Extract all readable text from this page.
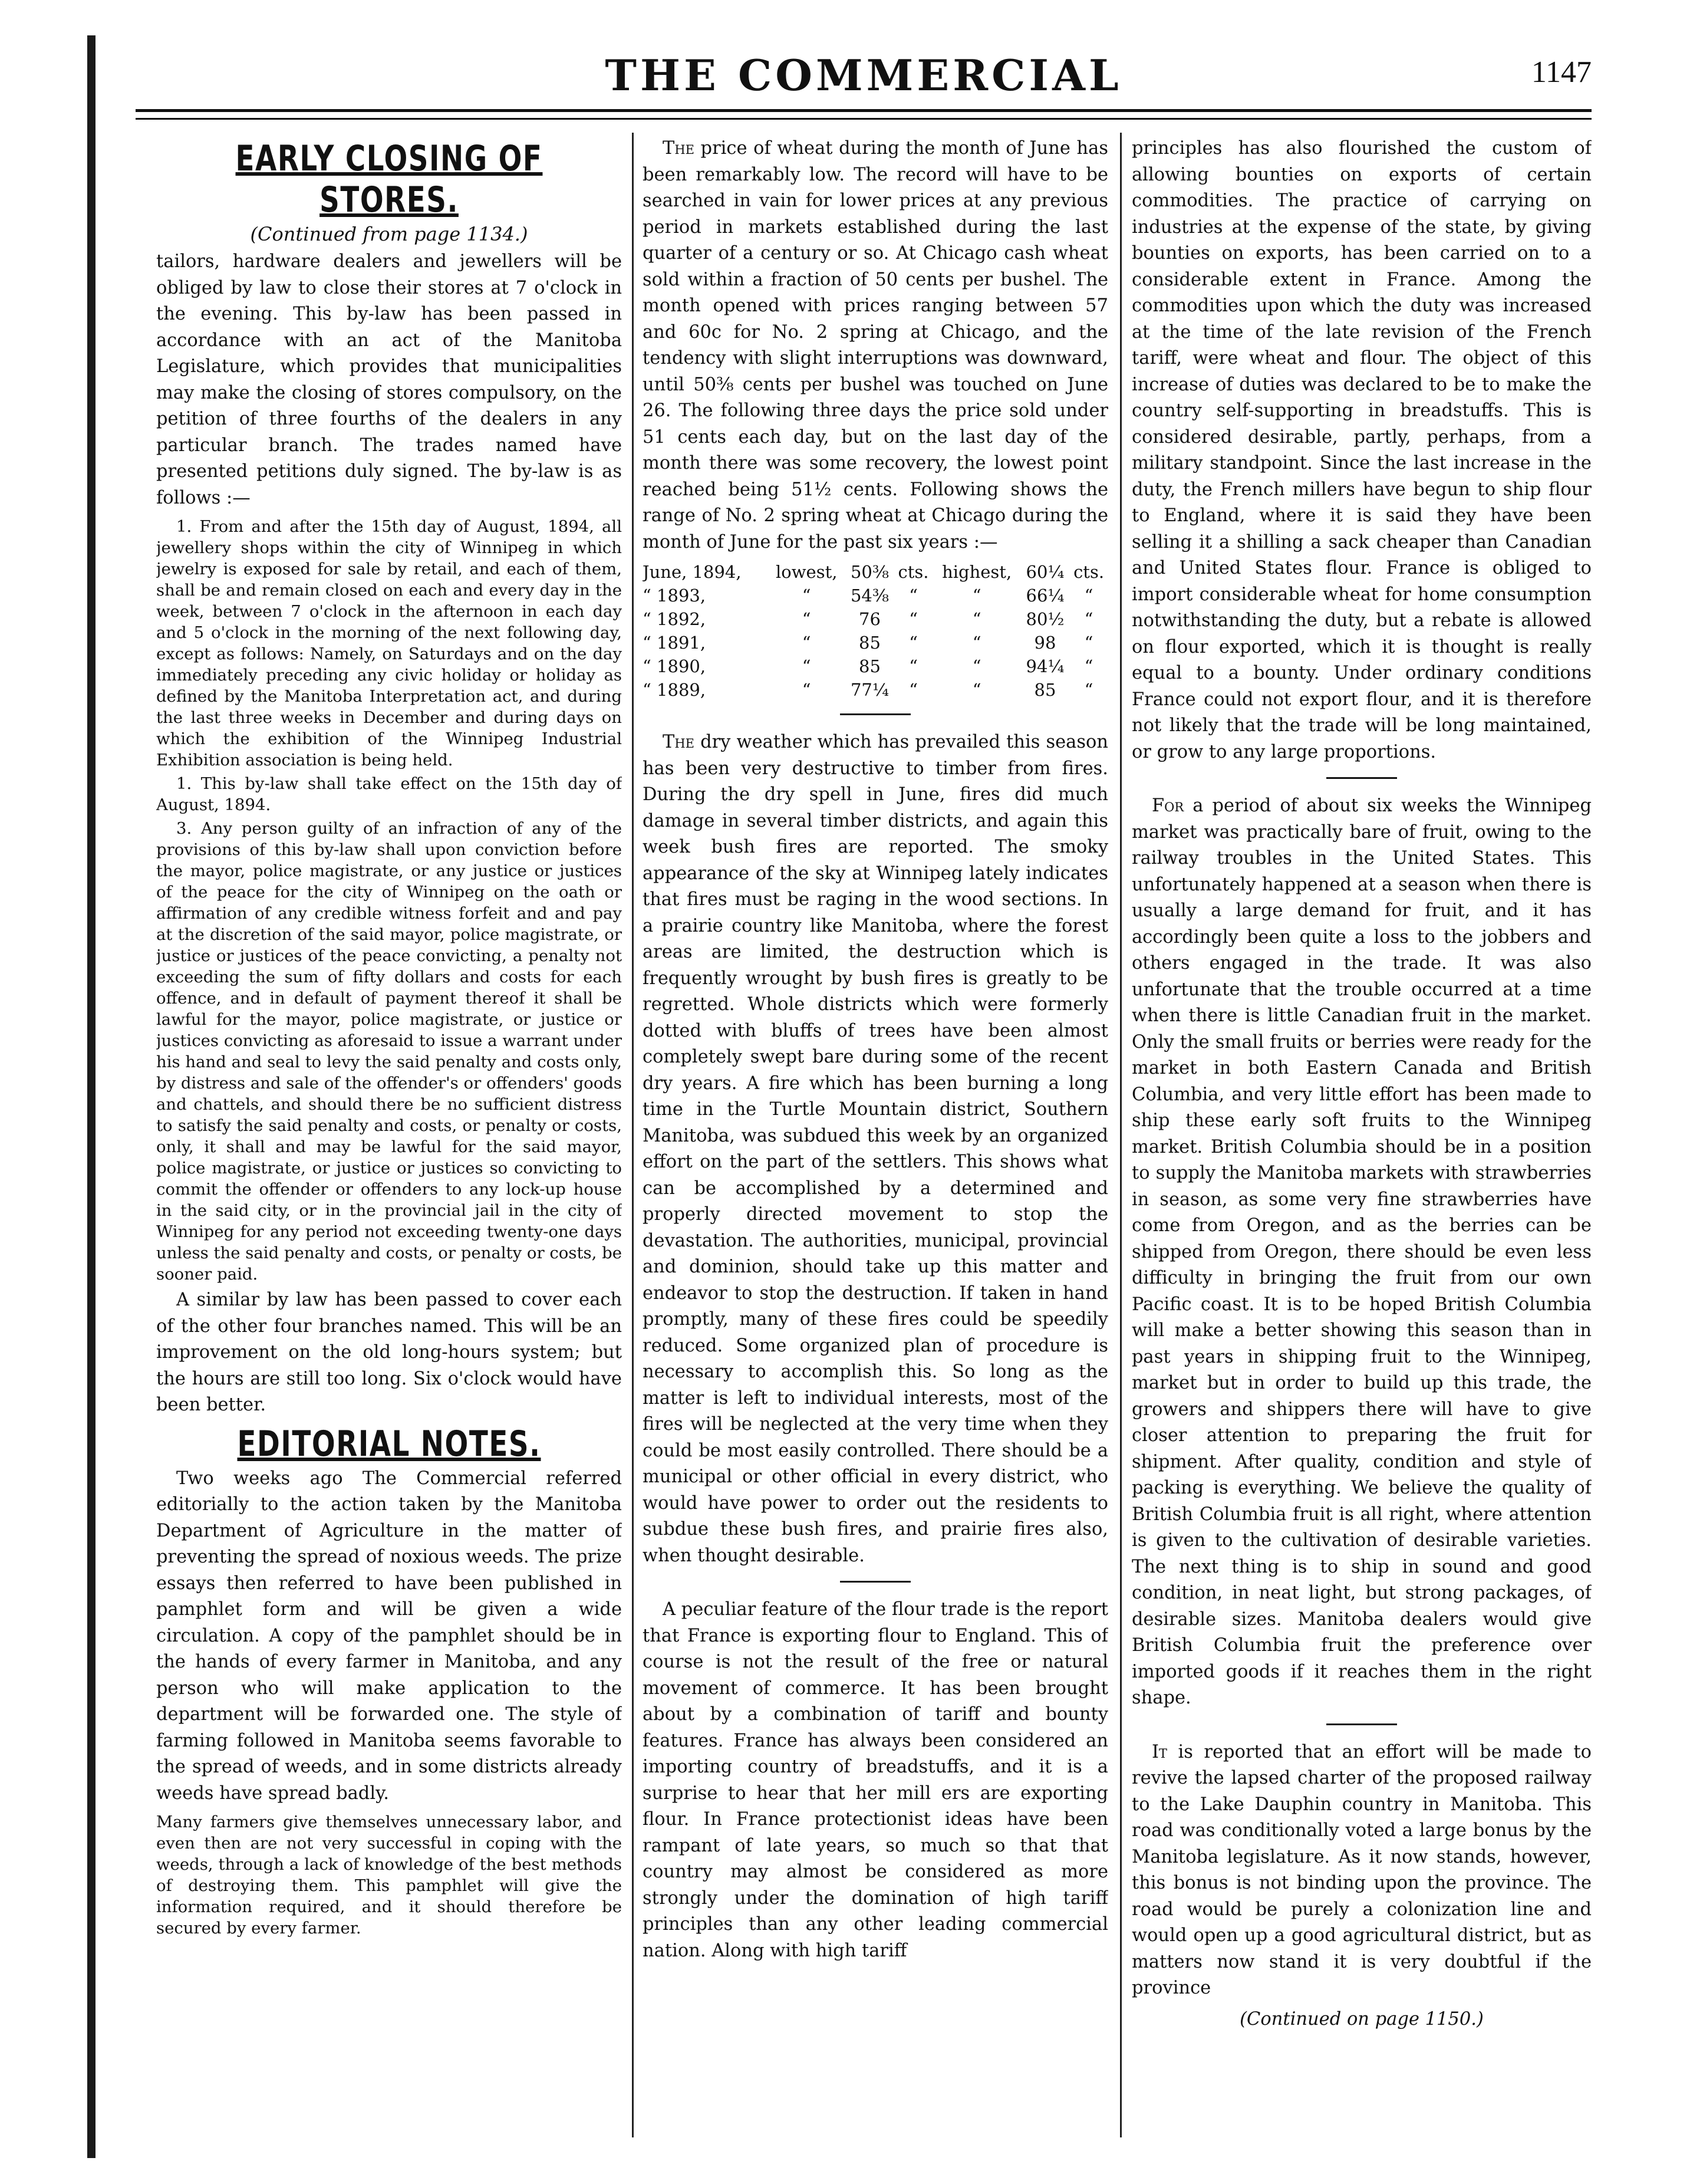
THE COMMERCIAL	1147
EARLY CLOSING OF STORES.
(Continued from page 1134.)

tailors, hardware dealers and jewellers will be obliged by law to close their stores at 7 o'clock in the evening. This by-law has been passed in accordance with an act of the Manitoba Legislature, which provides that municipalities may make the closing of stores compulsory, on the petition of three fourths of the dealers in any particular branch. The trades named have presented petitions duly signed. The by-law is as follows :—

1. From and after the 15th day of August, 1894, all jewellery shops within the city of Winnipeg in which jewelry is exposed for sale by retail, and each of them, shall be and remain closed on each and every day in the week, between 7 o'clock in the afternoon in each day and 5 o'clock in the morning of the next following day, except as follows: Namely, on Saturdays and on the day immediately preceding any civic holiday or holiday as defined by the Manitoba Interpretation act, and during the last three weeks in December and during days on which the exhibition of the Winnipeg Industrial Exhibition association is being held.

1. This by-law shall take effect on the 15th day of August, 1894.

3. Any person guilty of an infraction of any of the provisions of this by-law shall upon conviction before the mayor, police magistrate, or any justice or justices of the peace for the city of Winnipeg on the oath or affirmation of any credible witness forfeit and and pay at the discretion of the said mayor, police magistrate, or justice or justices of the peace convicting, a penalty not exceeding the sum of fifty dollars and costs for each offence, and in default of payment thereof it shall be lawful for the mayor, police magistrate, or justice or justices convicting as aforesaid to issue a warrant under his hand and seal to levy the said penalty and costs only, by distress and sale of the offender's or offenders' goods and chattels, and should there be no sufficient distress to satisfy the said penalty and costs, or penalty or costs, only, it shall and may be lawful for the said mayor, police magistrate, or justice or justices so convicting to commit the offender or offenders to any lock-up house in the said city, or in the provincial jail in the city of Winnipeg for any period not exceeding twenty-one days unless the said penalty and costs, or penalty or costs, be sooner paid.

A similar by law has been passed to cover each of the other four branches named. This will be an improvement on the old long-hours system; but the hours are still too long. Six o'clock would have been better.

EDITORIAL NOTES.

Two weeks ago The Commercial referred editorially to the action taken by the Manitoba Department of Agriculture in the matter of preventing the spread of noxious weeds. The prize essays then referred to have been published in pamphlet form and will be given a wide circulation. A copy of the pamphlet should be in the hands of every farmer in Manitoba, and any person who will make application to the department will be forwarded one. The style of farming followed in Manitoba seems favorable to the spread of weeds, and in some districts already weeds have spread badly.

Many farmers give themselves unnecessary labor, and even then are not very successful in coping with the weeds, through a lack of knowledge of the best methods of destroying them. This pamphlet will give the information required, and it should therefore be secured by every farmer.

The price of wheat during the month of June has been remarkably low. The record will have to be searched in vain for lower prices at any previous period in markets established during the last quarter of a century or so. At Chicago cash wheat sold within a fraction of 50 cents per bushel. The month opened with prices ranging between 57 and 60c for No. 2 spring at Chicago, and the tendency with slight interruptions was downward, until 50⅜ cents per bushel was touched on June 26. The following three days the price sold under 51 cents each day, but on the last day of the month there was some recovery, the lowest point reached being 51½ cents. Following shows the range of No. 2 spring wheat at Chicago during the month of June for the past six years :—

June, 1894,	lowest,	50⅜	cts.	highest,	60¼	cts.
“ 1893,	“	54⅜	“	“	66¼	“
“ 1892,	“	76	“	“	80½	“
“ 1891,	“	85	“	“	98	“
“ 1890,	“	85	“	“	94¼	“
“ 1889,	“	77¼	“	“	85	“

The dry weather which has prevailed this season has been very destructive to timber from fires. During the dry spell in June, fires did much damage in several timber districts, and again this week bush fires are reported. The smoky appearance of the sky at Winnipeg lately indicates that fires must be raging in the wood sections. In a prairie country like Manitoba, where the forest areas are limited, the destruction which is frequently wrought by bush fires is greatly to be regretted. Whole districts which were formerly dotted with bluffs of trees have been almost completely swept bare during some of the recent dry years. A fire which has been burning a long time in the Turtle Mountain district, Southern Manitoba, was subdued this week by an organized effort on the part of the settlers. This shows what can be accomplished by a determined and properly directed movement to stop the devastation. The authorities, municipal, provincial and dominion, should take up this matter and endeavor to stop the destruction. If taken in hand promptly, many of these fires could be speedily reduced. Some organized plan of procedure is necessary to accomplish this. So long as the matter is left to individual interests, most of the fires will be neglected at the very time when they could be most easily controlled. There should be a municipal or other official in every district, who would have power to order out the residents to subdue these bush fires, and prairie fires also, when thought desirable.

A peculiar feature of the flour trade is the report that France is exporting flour to England. This of course is not the result of the free or natural movement of commerce. It has been brought about by a combination of tariff and bounty features. France has always been considered an importing country of breadstuffs, and it is a surprise to hear that her mill ers are exporting flour. In France protectionist ideas have been rampant of late years, so much so that that country may almost be considered as more strongly under the domination of high tariff principles than any other leading commercial nation. Along with high tariff

principles has also flourished the custom of allowing bounties on exports of certain commodities. The practice of carrying on industries at the expense of the state, by giving bounties on exports, has been carried on to a considerable extent in France. Among the commodities upon which the duty was increased at the time of the late revision of the French tariff, were wheat and flour. The object of this increase of duties was declared to be to make the country self-supporting in breadstuffs. This is considered desirable, partly, perhaps, from a military standpoint. Since the last increase in the duty, the French millers have begun to ship flour to England, where it is said they have been selling it a shilling a sack cheaper than Canadian and United States flour. France is obliged to import considerable wheat for home consumption notwithstanding the duty, but a rebate is allowed on flour exported, which it is thought is really equal to a bounty. Under ordinary conditions France could not export flour, and it is therefore not likely that the trade will be long maintained, or grow to any large proportions.

For a period of about six weeks the Winnipeg market was practically bare of fruit, owing to the railway troubles in the United States. This unfortunately happened at a season when there is usually a large demand for fruit, and it has accordingly been quite a loss to the jobbers and others engaged in the trade. It was also unfortunate that the trouble occurred at a time when there is little Canadian fruit in the market. Only the small fruits or berries were ready for the market in both Eastern Canada and British Columbia, and very little effort has been made to ship these early soft fruits to the Winnipeg market. British Columbia should be in a position to supply the Manitoba markets with strawberries in season, as some very fine strawberries have come from Oregon, and as the berries can be shipped from Oregon, there should be even less difficulty in bringing the fruit from our own Pacific coast. It is to be hoped British Columbia will make a better showing this season than in past years in shipping fruit to the Winnipeg, market but in order to build up this trade, the growers and shippers there will have to give closer attention to preparing the fruit for shipment. After quality, condition and style of packing is everything. We believe the quality of British Columbia fruit is all right, where attention is given to the cultivation of desirable varieties. The next thing is to ship in sound and good condition, in neat light, but strong packages, of desirable sizes. Manitoba dealers would give British Columbia fruit the preference over imported goods if it reaches them in the right shape.

It is reported that an effort will be made to revive the lapsed charter of the proposed railway to the Lake Dauphin country in Manitoba. This road was conditionally voted a large bonus by the Manitoba legislature. As it now stands, however, this bonus is not binding upon the province. The road would be purely a colonization line and would open up a good agricultural district, but as matters now stand it is very doubtful if the province

(Continued on page 1150.)
